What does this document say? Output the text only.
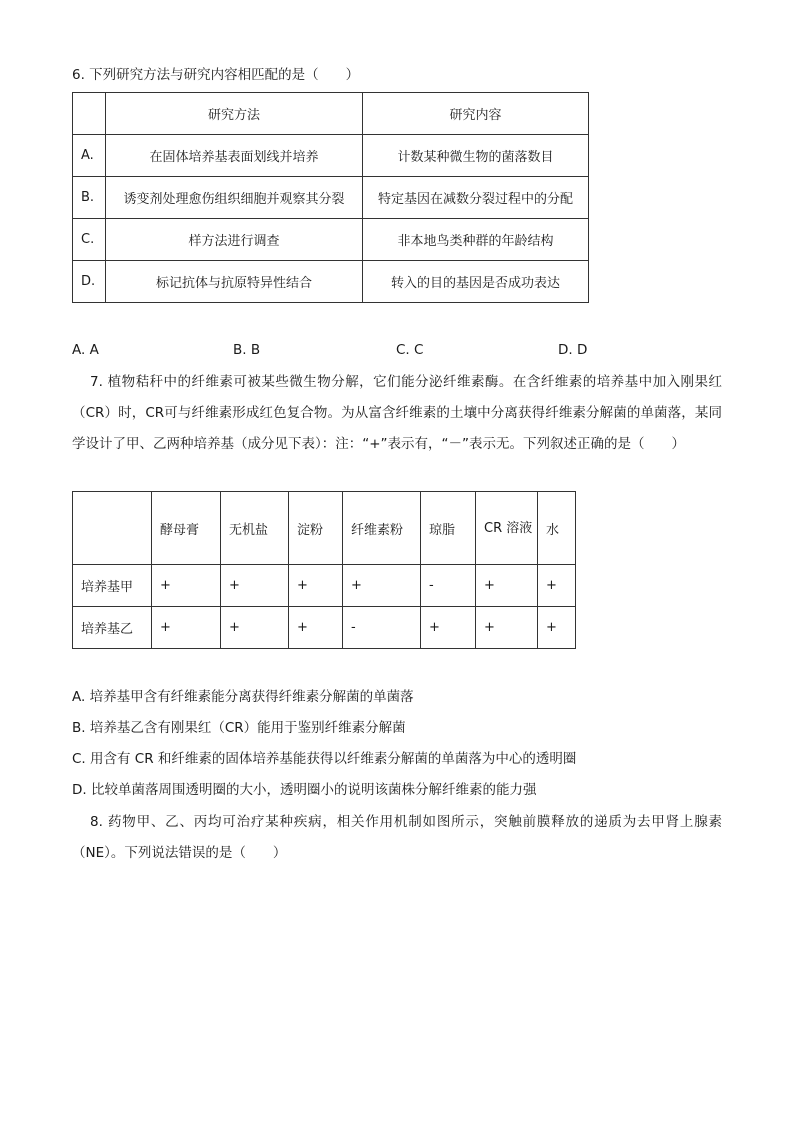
6. 下列研究方法与研究内容相匹配的是（　　）
	研究方法	研究内容
A.	在固体培养基表面划线并培养	计数某种微生物的菌落数目
B.	诱变剂处理愈伤组织细胞并观察其分裂	特定基因在减数分裂过程中的分配
C.	样方法进行调查	非本地鸟类种群的年龄结构
D.	标记抗体与抗原特异性结合	转入的目的基因是否成功表达
A. A	B. B	C. C	D. D
7. 植物秸秆中的纤维素可被某些微生物分解，它们能分泌纤维素酶。在含纤维素的培养基中加入刚果红（CR）时，CR可与纤维素形成红色复合物。为从富含纤维素的土壤中分离获得纤维素分解菌的单菌落，某同学设计了甲、乙两种培养基（成分见下表）：注：“+”表示有，“－”表示无。下列叙述正确的是（　　）
	酵母膏	无机盐	淀粉	纤维素粉	琼脂	CR 溶液	水
培养基甲	+	+	+	+	-	+	+
培养基乙	+	+	+	-	+	+	+
A. 培养基甲含有纤维素能分离获得纤维素分解菌的单菌落
B. 培养基乙含有刚果红（CR）能用于鉴别纤维素分解菌
C. 用含有 CR 和纤维素的固体培养基能获得以纤维素分解菌的单菌落为中心的透明圈
D. 比较单菌落周围透明圈的大小，透明圈小的说明该菌株分解纤维素的能力强
8. 药物甲、乙、丙均可治疗某种疾病，相关作用机制如图所示，突触前膜释放的递质为去甲肾上腺素（NE）。下列说法错误的是（　　）
